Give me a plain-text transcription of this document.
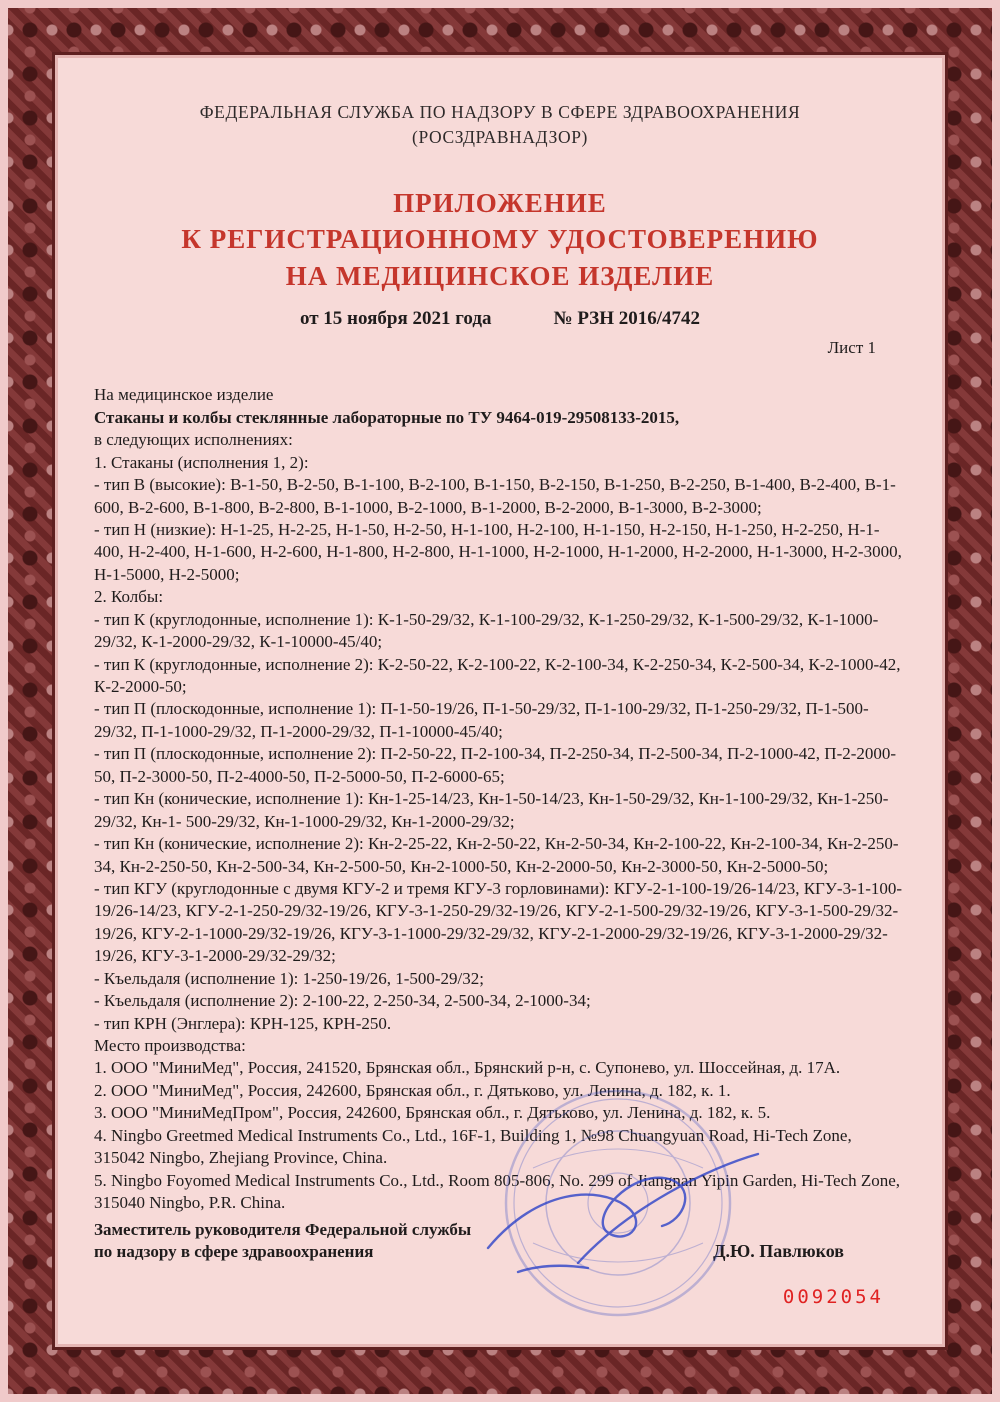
ФЕДЕРАЛЬНАЯ СЛУЖБА ПО НАДЗОРУ В СФЕРЕ ЗДРАВООХРАНЕНИЯ
(РОСЗДРАВНАДЗОР)
ПРИЛОЖЕНИЕ
К РЕГИСТРАЦИОННОМУ УДОСТОВЕРЕНИЮ
НА МЕДИЦИНСКОЕ ИЗДЕЛИЕ
от 15 ноября 2021 года	№ РЗН 2016/4742
Лист 1

На медицинское изделие

Стаканы и колбы стеклянные лабораторные по ТУ 9464-019-29508133-2015,

в следующих исполнениях:

1. Стаканы (исполнения 1, 2):

- тип В (высокие): В-1-50, В-2-50, В-1-100, В-2-100, В-1-150, В-2-150, В-1-250, В-2-250, В-1-400, В-2-400, В-1-600, В-2-600, В-1-800, В-2-800, В-1-1000, В-2-1000, В-1-2000, В-2-2000, В-1-3000, В-2-3000;

- тип Н (низкие): Н-1-25, Н-2-25, Н-1-50, Н-2-50, Н-1-100, Н-2-100, Н-1-150, Н-2-150, Н-1-250, Н-2-250, Н-1-400, Н-2-400, Н-1-600, Н-2-600, Н-1-800, Н-2-800, Н-1-1000, Н-2-1000, Н-1-2000, Н-2-2000, Н-1-3000, Н-2-3000, Н-1-5000, Н-2-5000;

2. Колбы:

- тип К (круглодонные, исполнение 1): К-1-50-29/32, К-1-100-29/32, К-1-250-29/32, К-1-500-29/32, К-1-1000-29/32, К-1-2000-29/32, К-1-10000-45/40;

- тип К (круглодонные, исполнение 2): К-2-50-22, К-2-100-22, К-2-100-34, К-2-250-34, К-2-500-34, К-2-1000-42, К-2-2000-50;

- тип П (плоскодонные, исполнение 1): П-1-50-19/26, П-1-50-29/32, П-1-100-29/32, П-1-250-29/32, П-1-500-29/32, П-1-1000-29/32, П-1-2000-29/32, П-1-10000-45/40;

- тип П (плоскодонные, исполнение 2): П-2-50-22, П-2-100-34, П-2-250-34, П-2-500-34, П-2-1000-42, П-2-2000-50, П-2-3000-50, П-2-4000-50, П-2-5000-50, П-2-6000-65;

- тип Кн (конические, исполнение 1): Кн-1-25-14/23, Кн-1-50-14/23, Кн-1-50-29/32, Кн-1-100-29/32, Кн-1-250-29/32, Кн-1- 500-29/32, Кн-1-1000-29/32, Кн-1-2000-29/32;

- тип Кн (конические, исполнение 2): Кн-2-25-22, Кн-2-50-22, Кн-2-50-34, Кн-2-100-22, Кн-2-100-34, Кн-2-250-34, Кн-2-250-50, Кн-2-500-34, Кн-2-500-50, Кн-2-1000-50, Кн-2-2000-50, Кн-2-3000-50, Кн-2-5000-50;

- тип КГУ (круглодонные с двумя КГУ-2 и тремя КГУ-3 горловинами): КГУ-2-1-100-19/26-14/23, КГУ-3-1-100-19/26-14/23, КГУ-2-1-250-29/32-19/26, КГУ-3-1-250-29/32-19/26, КГУ-2-1-500-29/32-19/26, КГУ-3-1-500-29/32-19/26, КГУ-2-1-1000-29/32-19/26, КГУ-3-1-1000-29/32-29/32, КГУ-2-1-2000-29/32-19/26, КГУ-3-1-2000-29/32-19/26, КГУ-3-1-2000-29/32-29/32;

- Къельдаля (исполнение 1): 1-250-19/26, 1-500-29/32;

- Къельдаля (исполнение 2): 2-100-22, 2-250-34, 2-500-34, 2-1000-34;

- тип КРН (Энглера): КРН-125, КРН-250.

Место производства:

1. ООО "МиниМед", Россия, 241520, Брянская обл., Брянский р-н, с. Супонево, ул. Шоссейная, д. 17А.

2. ООО "МиниМед", Россия, 242600, Брянская обл., г. Дятьково, ул. Ленина, д. 182, к. 1.

3. ООО "МиниМедПром", Россия, 242600, Брянская обл., г. Дятьково, ул. Ленина, д. 182, к. 5.

4. Ningbo Greetmed Medical Instruments Co., Ltd., 16F-1, Building 1, №98 Chuangyuan Road, Hi-Tech Zone, 315042 Ningbo, Zhejiang Province, China.

5. Ningbo Foyomed Medical Instruments Co., Ltd., Room 805-806, No. 299 of Jiangnan Yipin Garden, Hi-Tech Zone, 315040 Ningbo, P.R. China.

Заместитель руководителя Федеральной службы
по надзору в сфере здравоохранения	Д.Ю. Павлюков
0092054
